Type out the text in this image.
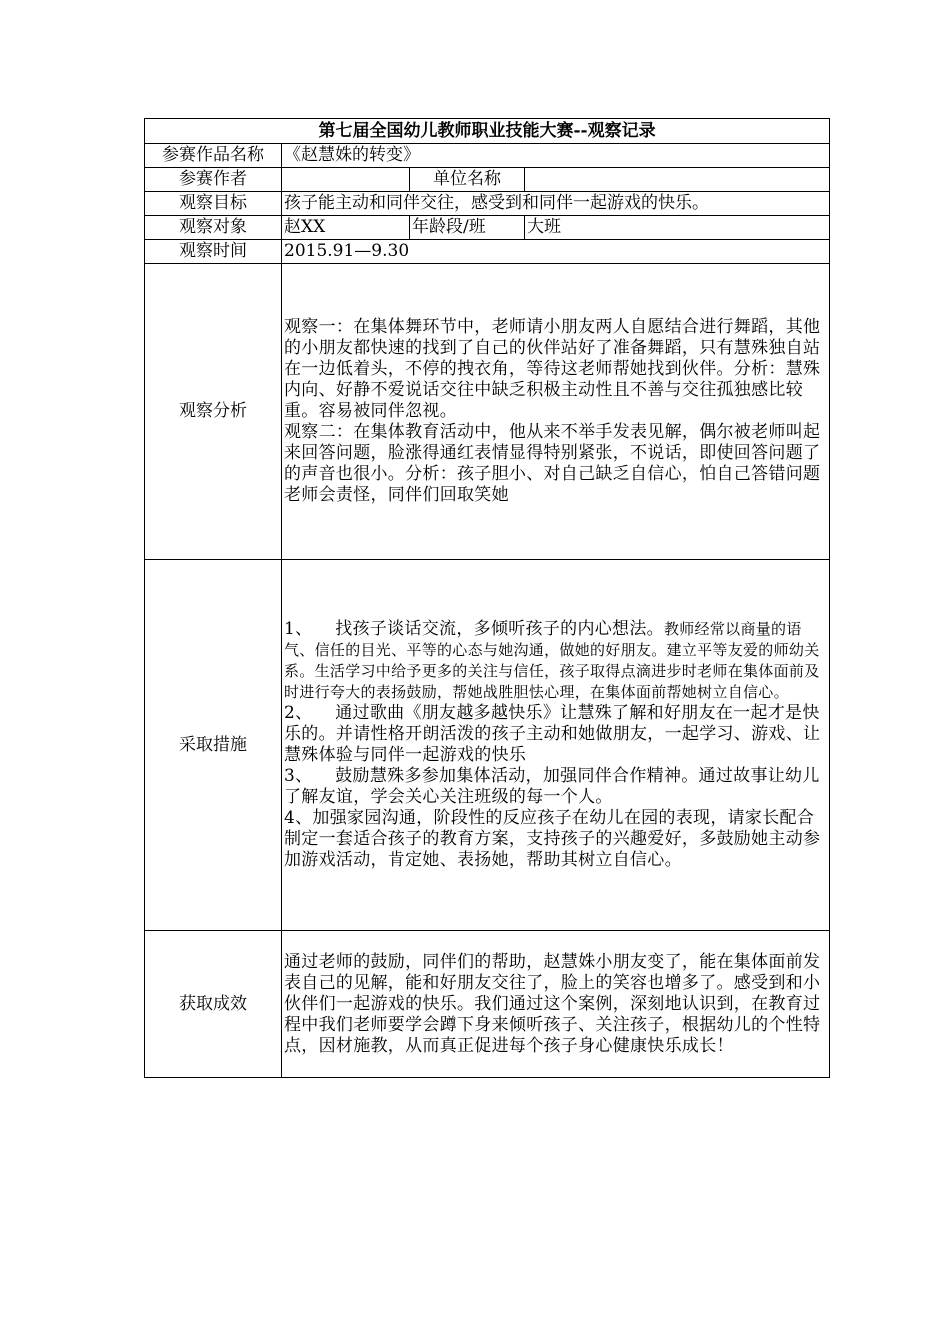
第七届全国幼儿教师职业技能大赛--观察记录			
参赛作品名称	《赵慧姝的转变》		
参赛作者		单位名称	
观察目标	孩子能主动和同伴交往，感受到和同伴一起游戏的快乐。		
观察对象	赵XX	年龄段/班	大班
观察时间	2015.91—9.30		
观察分析	观察一：在集体舞环节中，老师请小朋友两人自愿结合进行舞蹈，其他的小朋友都快速的找到了自己的伙伴站好了准备舞蹈，只有慧殊独自站在一边低着头，不停的拽衣角，等待这老师帮她找到伙伴。分析：慧殊内向、好静不爱说话交往中缺乏积极主动性且不善与交往孤独感比较重。容易被同伴忽视。
观察二：在集体教育活动中，他从来不举手发表见解，偶尔被老师叫起来回答问题，脸涨得通红表情显得特别紧张，不说话，即使回答问题了的声音也很小。分析：孩子胆小、对自己缺乏自信心，怕自己答错问题老师会责怪，同伴们回取笑她		

采取措施	1、 找孩子谈话交流，多倾听孩子的内心想法。教师经常以商量的语气、信任的目光、平等的心态与她沟通，做她的好朋友。建立平等友爱的师幼关系。生活学习中给予更多的关注与信任，孩子取得点滴进步时老师在集体面前及时进行夸大的表扬鼓励，帮她战胜胆怯心理，在集体面前帮她树立自信心。
2、 通过歌曲《朋友越多越快乐》让慧殊了解和好朋友在一起才是快乐的。并请性格开朗活泼的孩子主动和她做朋友，一起学习、游戏、让慧殊体验与同伴一起游戏的快乐
3、 鼓励慧殊多参加集体活动，加强同伴合作精神。通过故事让幼儿了解友谊，学会关心关注班级的每一个人。
4、加强家园沟通，阶段性的反应孩子在幼儿在园的表现，请家长配合制定一套适合孩子的教育方案，支持孩子的兴趣爱好，多鼓励她主动参加游戏活动，肯定她、表扬她，帮助其树立自信心。		

获取成效	通过老师的鼓励，同伴们的帮助，赵慧姝小朋友变了，能在集体面前发表自己的见解，能和好朋友交往了，脸上的笑容也增多了。感受到和小伙伴们一起游戏的快乐。我们通过这个案例，深刻地认识到，在教育过程中我们老师要学会蹲下身来倾听孩子、关注孩子，根据幼儿的个性特点，因材施教，从而真正促进每个孩子身心健康快乐成长！		
